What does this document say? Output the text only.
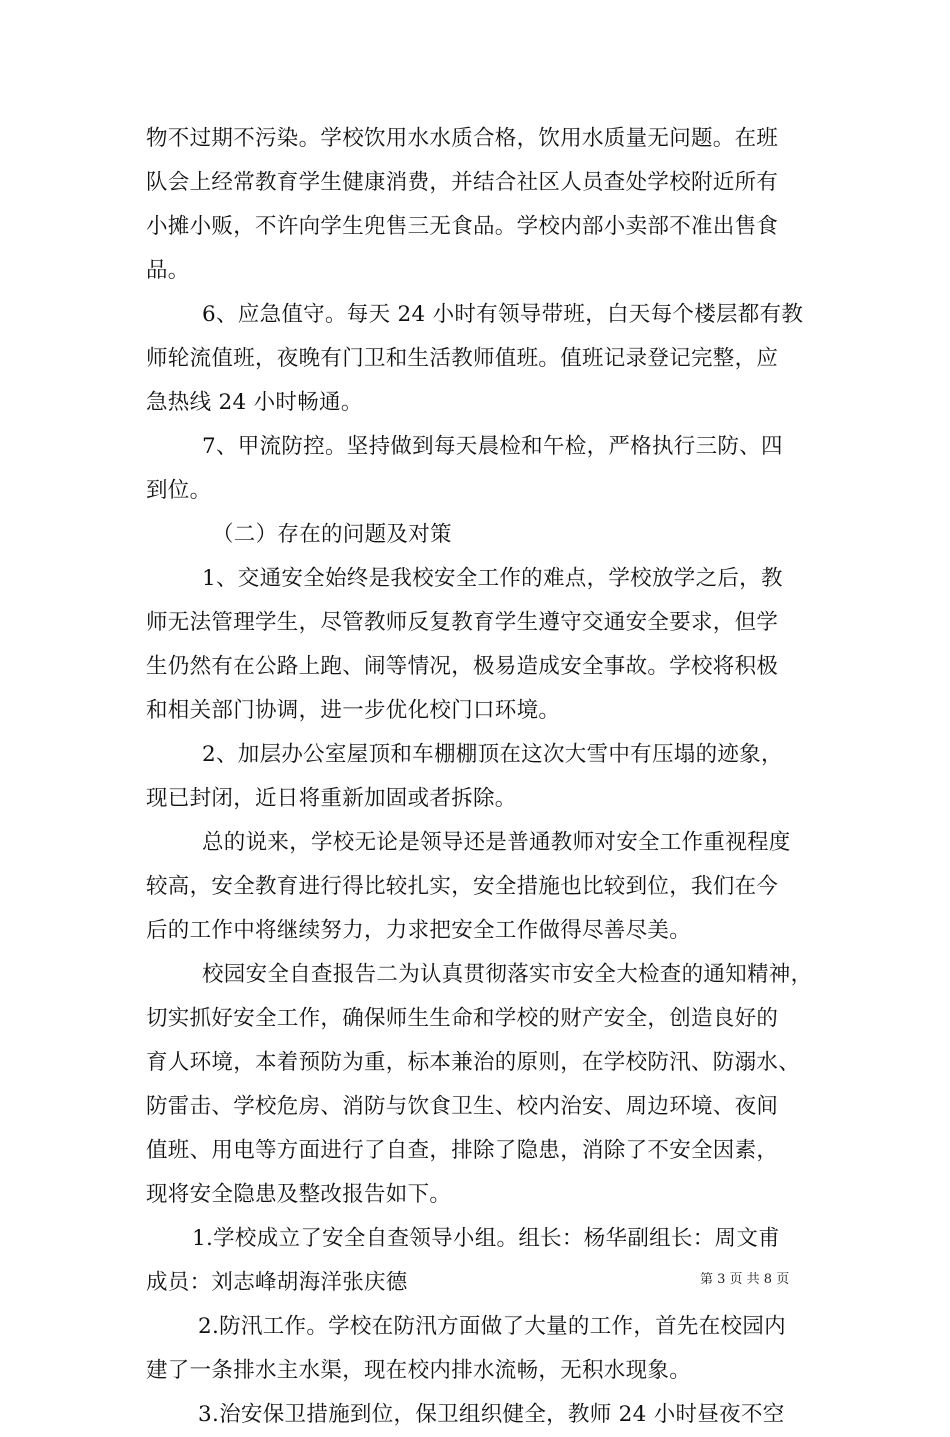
物不过期不污染。学校饮用水水质合格，饮用水质量无问题。在班
队会上经常教育学生健康消费，并结合社区人员查处学校附近所有
小摊小贩，不许向学生兜售三无食品。学校内部小卖部不准出售食
品。
6、应急值守。每天 24 小时有领导带班，白天每个楼层都有教
师轮流值班，夜晚有门卫和生活教师值班。值班记录登记完整，应
急热线 24 小时畅通。
7、甲流防控。坚持做到每天晨检和午检，严格执行三防、四
到位。
（二）存在的问题及对策
1、交通安全始终是我校安全工作的难点，学校放学之后，教
师无法管理学生，尽管教师反复教育学生遵守交通安全要求，但学
生仍然有在公路上跑、闹等情况，极易造成安全事故。学校将积极
和相关部门协调，进一步优化校门口环境。
2、加层办公室屋顶和车棚棚顶在这次大雪中有压塌的迹象，
现已封闭，近日将重新加固或者拆除。
总的说来，学校无论是领导还是普通教师对安全工作重视程度
较高，安全教育进行得比较扎实，安全措施也比较到位，我们在今
后的工作中将继续努力，力求把安全工作做得尽善尽美。
校园安全自查报告二为认真贯彻落实市安全大检查的通知精神，
切实抓好安全工作，确保师生生命和学校的财产安全，创造良好的
育人环境，本着预防为重，标本兼治的原则，在学校防汛、防溺水、
防雷击、学校危房、消防与饮食卫生、校内治安、周边环境、夜间
值班、用电等方面进行了自查，排除了隐患，消除了不安全因素，
现将安全隐患及整改报告如下。
1.学校成立了安全自查领导小组。组长：杨华副组长：周文甫
成员：刘志峰胡海洋张庆德
2.防汛工作。学校在防汛方面做了大量的工作，首先在校园内
建了一条排水主水渠，现在校内排水流畅，无积水现象。
3.治安保卫措施到位，保卫组织健全，教师 24 小时昼夜不空
第 3 页 共 8 页
